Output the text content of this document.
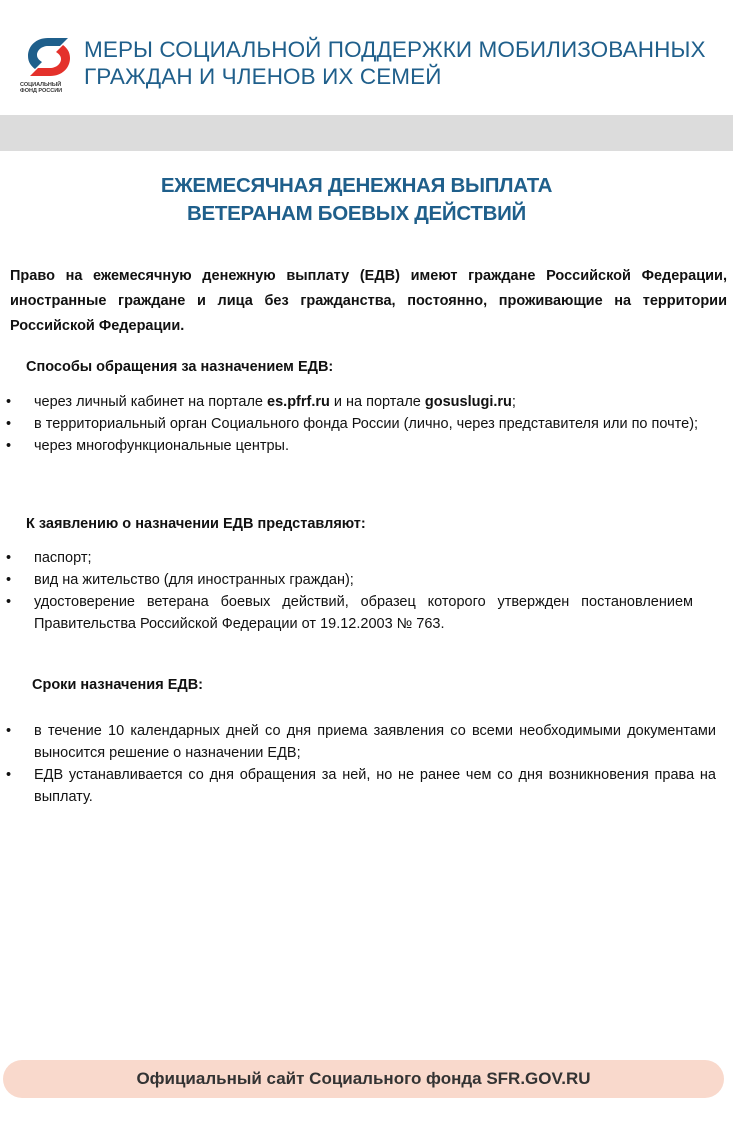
СОЦИАЛЬНЫЙ ФОНД РОССИИ
МЕРЫ СОЦИАЛЬНОЙ ПОДДЕРЖКИ МОБИЛИЗОВАННЫХ
ГРАЖДАН И ЧЛЕНОВ ИХ СЕМЕЙ
ЕЖЕМЕСЯЧНАЯ ДЕНЕЖНАЯ ВЫПЛАТА
ВЕТЕРАНАМ БОЕВЫХ ДЕЙСТВИЙ
Право на ежемесячную денежную выплату (ЕДВ) имеют граждане Российской Федерации, иностранные граждане и лица без гражданства, постоянно, проживающие на территории Российской Федерации.
Способы обращения за назначением ЕДВ:
• через личный кабинет на портале es.pfrf.ru и на портале gosuslugi.ru;
• в территориальный орган Социального фонда России (лично, через представителя или по почте);
• через многофункциональные центры.
К заявлению о назначении ЕДВ представляют:
• паспорт;
• вид на жительство (для иностранных граждан);
• удостоверение ветерана боевых действий, образец которого утвержден постановлением Правительства Российской Федерации от 19.12.2003 № 763.
Сроки назначения ЕДВ:
• в течение 10 календарных дней со дня приема заявления со всеми необходимыми документами выносится решение о назначении ЕДВ;
• ЕДВ устанавливается со дня обращения за ней, но не ранее чем со дня возникновения права на выплату.
Официальный сайт Социального фонда SFR.GOV.RU
